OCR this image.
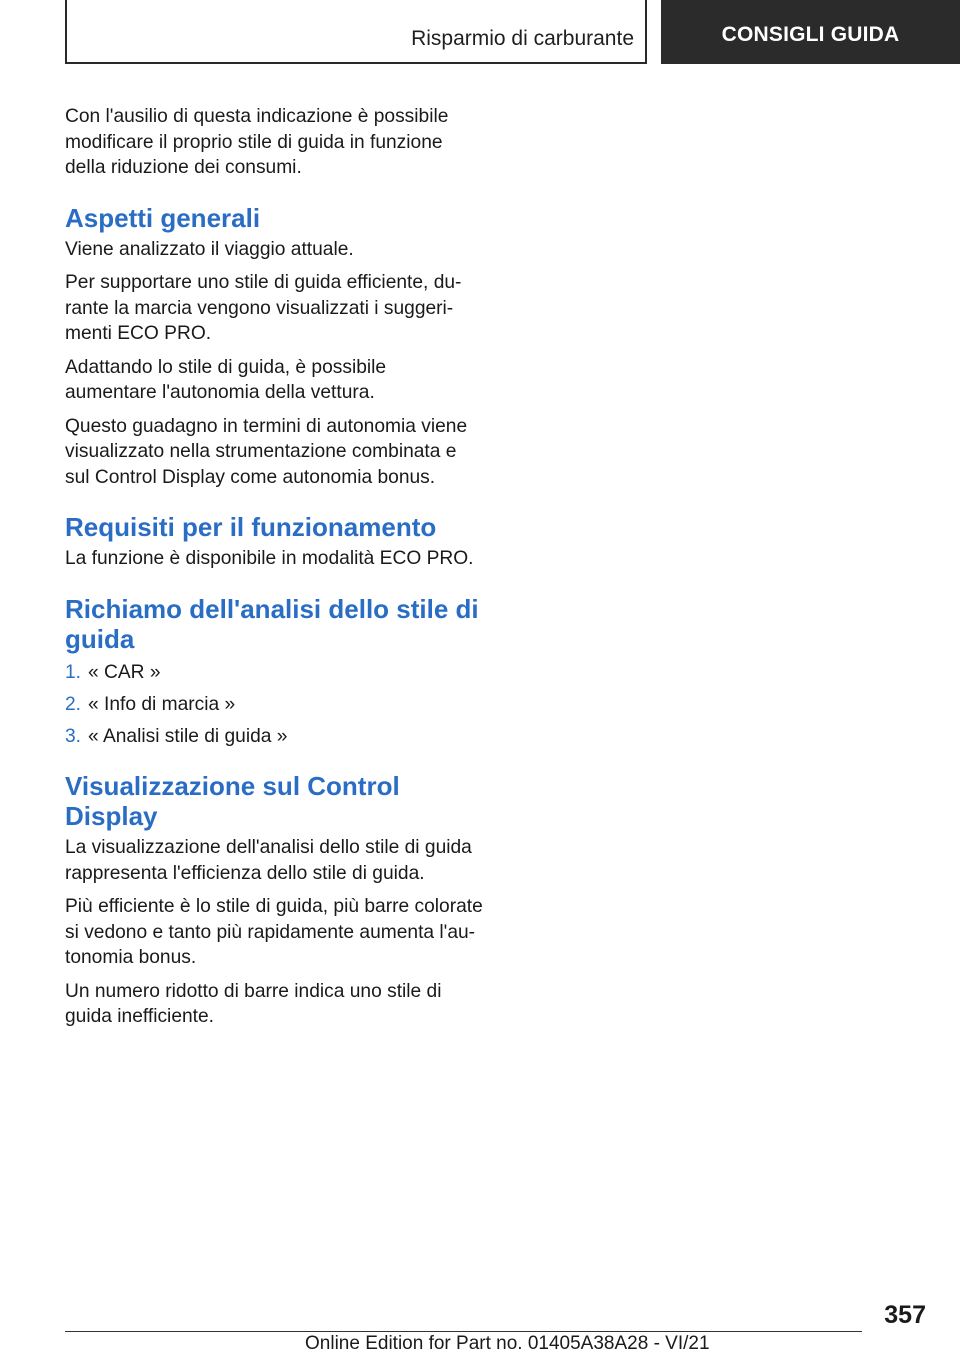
Risparmio di carburante	CONSIGLI GUIDA

Con l'ausilio di questa indicazione è possibile modificare il proprio stile di guida in funzione della riduzione dei consumi.

Aspetti generali

Viene analizzato il viaggio attuale.

Per supportare uno stile di guida efficiente, du-rante la marcia vengono visualizzati i suggeri-menti ECO PRO.

Adattando lo stile di guida, è possibile aumentare l'autonomia della vettura.

Questo guadagno in termini di autonomia viene visualizzato nella strumentazione combinata e sul Control Display come autonomia bonus.

Requisiti per il funzionamento

La funzione è disponibile in modalità ECO PRO.

Richiamo dell'analisi dello stile di guida
1. « CAR »
2. « Info di marcia »
3. « Analisi stile di guida »
Visualizzazione sul Control Display

La visualizzazione dell'analisi dello stile di guida rappresenta l'efficienza dello stile di guida.

Più efficiente è lo stile di guida, più barre colorate si vedono e tanto più rapidamente aumenta l'au-tonomia bonus.

Un numero ridotto di barre indica uno stile di guida inefficiente.

357
Online Edition for Part no. 01405A38A28 - VI/21
